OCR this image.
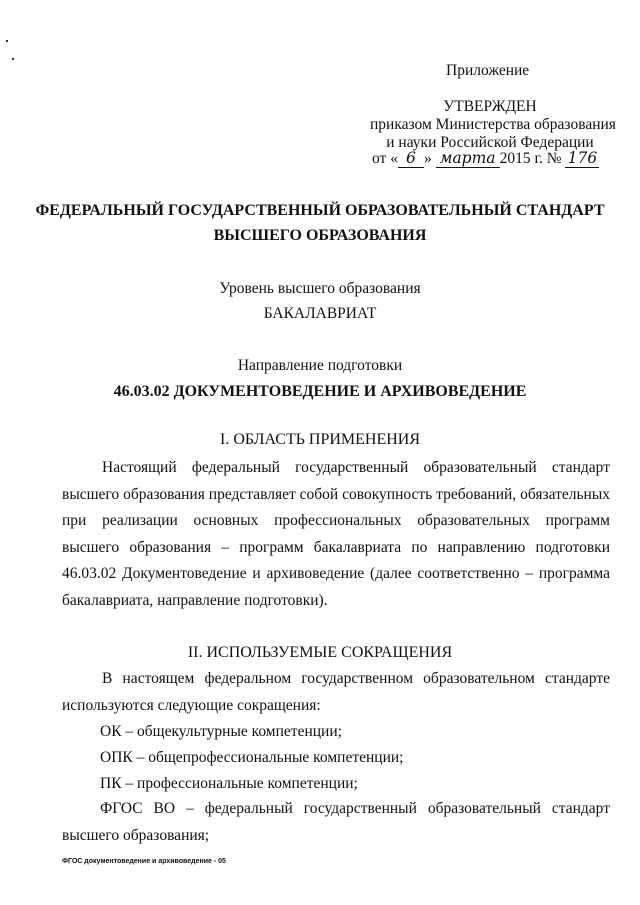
Приложение
УТВЕРЖДЕН
приказом Министерства образования
и науки Российской Федерации
от « 6 » марта 2015 г. № 176
ФЕДЕРАЛЬНЫЙ ГОСУДАРСТВЕННЫЙ ОБРАЗОВАТЕЛЬНЫЙ СТАНДАРТ
ВЫСШЕГО ОБРАЗОВАНИЯ
Уровень высшего образования
БАКАЛАВРИАТ
Направление подготовки
46.03.02 ДОКУМЕНТОВЕДЕНИЕ И АРХИВОВЕДЕНИЕ
I. ОБЛАСТЬ ПРИМЕНЕНИЯ
Настоящий федеральный государственный образовательный стандарт высшего образования представляет собой совокупность требований, обязательных при реализации основных профессиональных образовательных программ высшего образования – программ бакалавриата по направлению подготовки 46.03.02 Документоведение и архивоведение (далее соответственно – программа бакалавриата, направление подготовки).
II. ИСПОЛЬЗУЕМЫЕ СОКРАЩЕНИЯ
В настоящем федеральном государственном образовательном стандарте используются следующие сокращения:
ОК – общекультурные компетенции;
ОПК – общепрофессиональные компетенции;
ПК – профессиональные компетенции;
ФГОС ВО – федеральный государственный образовательный стандарт высшего образования;
ФГОС документоведение и архивоведение - 05
